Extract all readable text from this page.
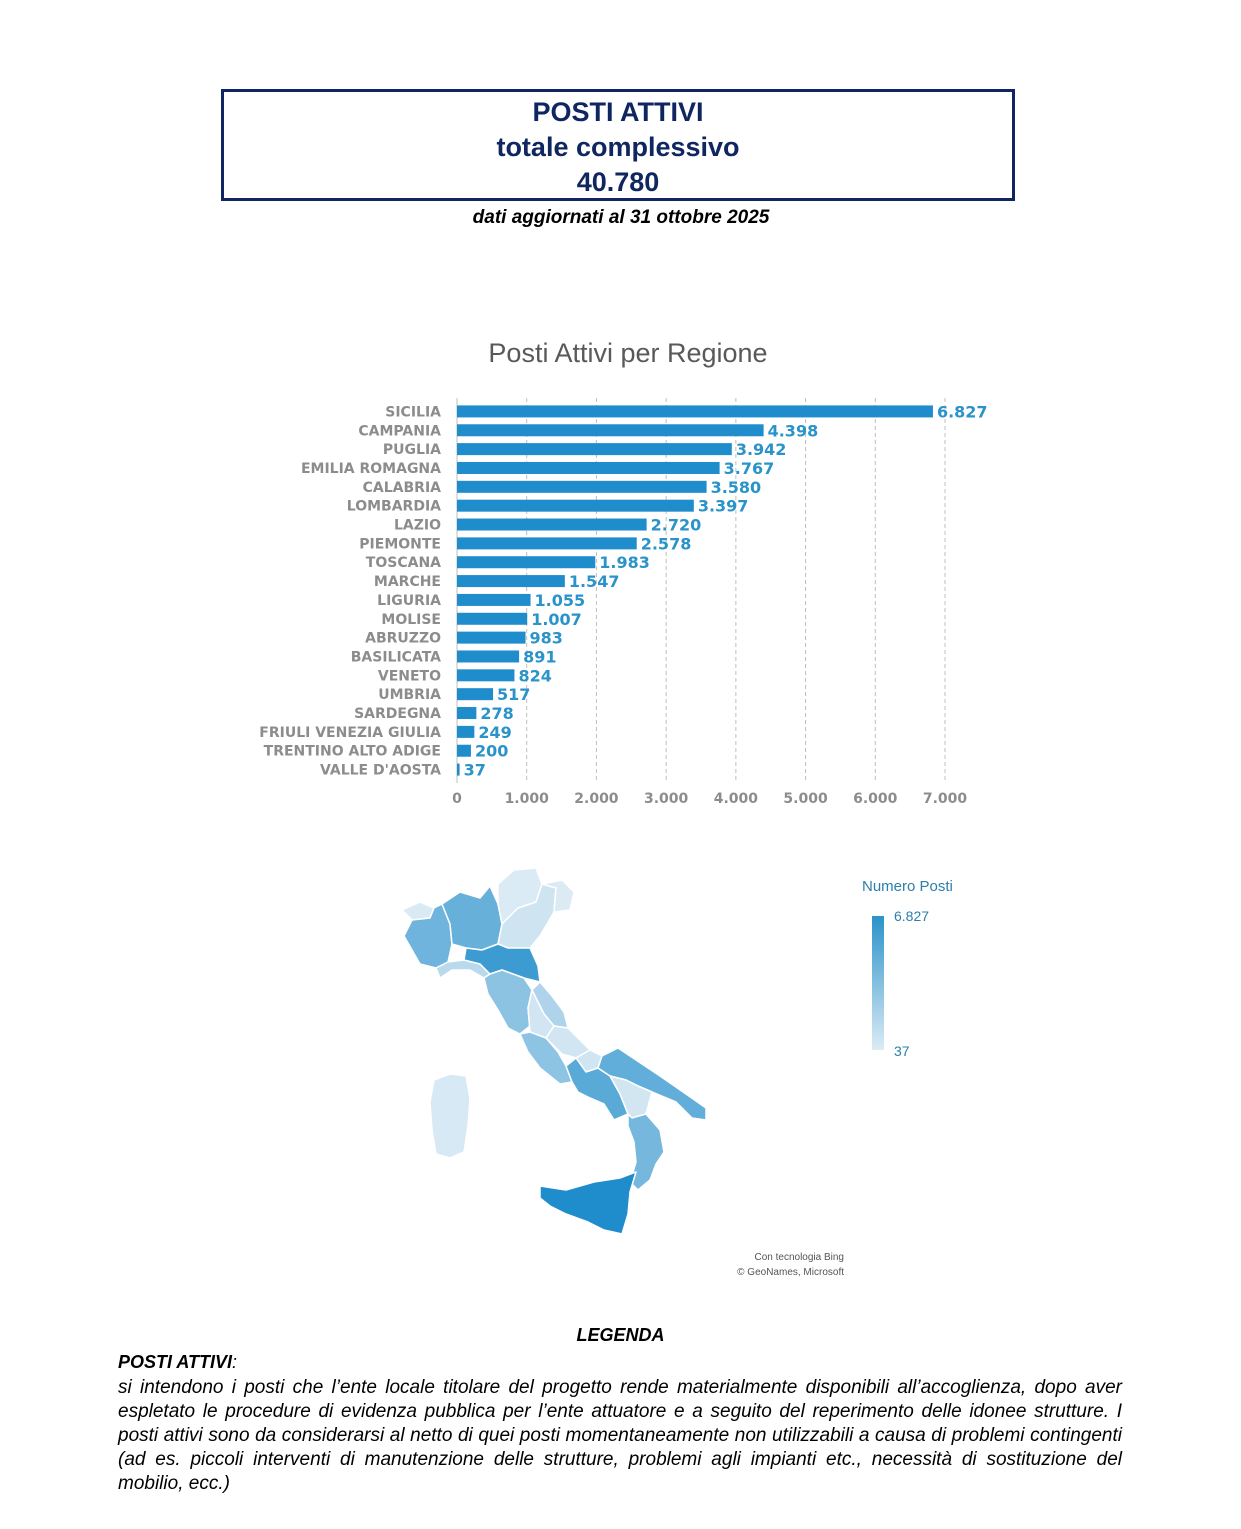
POSTI ATTIVI
totale complessivo
40.780
dati aggiornati al 31 ottobre 2025
Posti Attivi per Regione
0	1.000 2.000 3.000 4.000 5.000 6.000 7.000
SICILIA	6.827
CAMPANIA	4.398
PUGLIA	3.942
EMILIA ROMAGNA	3.767
CALABRIA	3.580
LOMBARDIA	3.397
LAZIO	2.720
PIEMONTE	2.578
TOSCANA	1.983
MARCHE	1.547
LIGURIA	1.055
MOLISE	1.007
ABRUZZO	983
BASILICATA	891
VENETO	824
UMBRIA	517
SARDEGNA 278
FRIULI VENEZIA GIULIA 249
TRENTINO ALTO ADIGE 200
VALLE D'AOSTA 37
Numero Posti
6.827
37
Con tecnologia Bing
© GeoNames, Microsoft
LEGENDA
POSTI ATTIVI:
si intendono i posti che l’ente locale titolare del progetto rende materialmente disponibili all’accoglienza, dopo aver espletato le procedure di evidenza pubblica per l’ente attuatore e a seguito del reperimento delle idonee strutture. I posti attivi sono da considerarsi al netto di quei posti momentaneamente non utilizzabili a causa di problemi contingenti (ad es. piccoli interventi di manutenzione delle strutture, problemi agli impianti etc., necessità di sostituzione del mobilio, ecc.)
